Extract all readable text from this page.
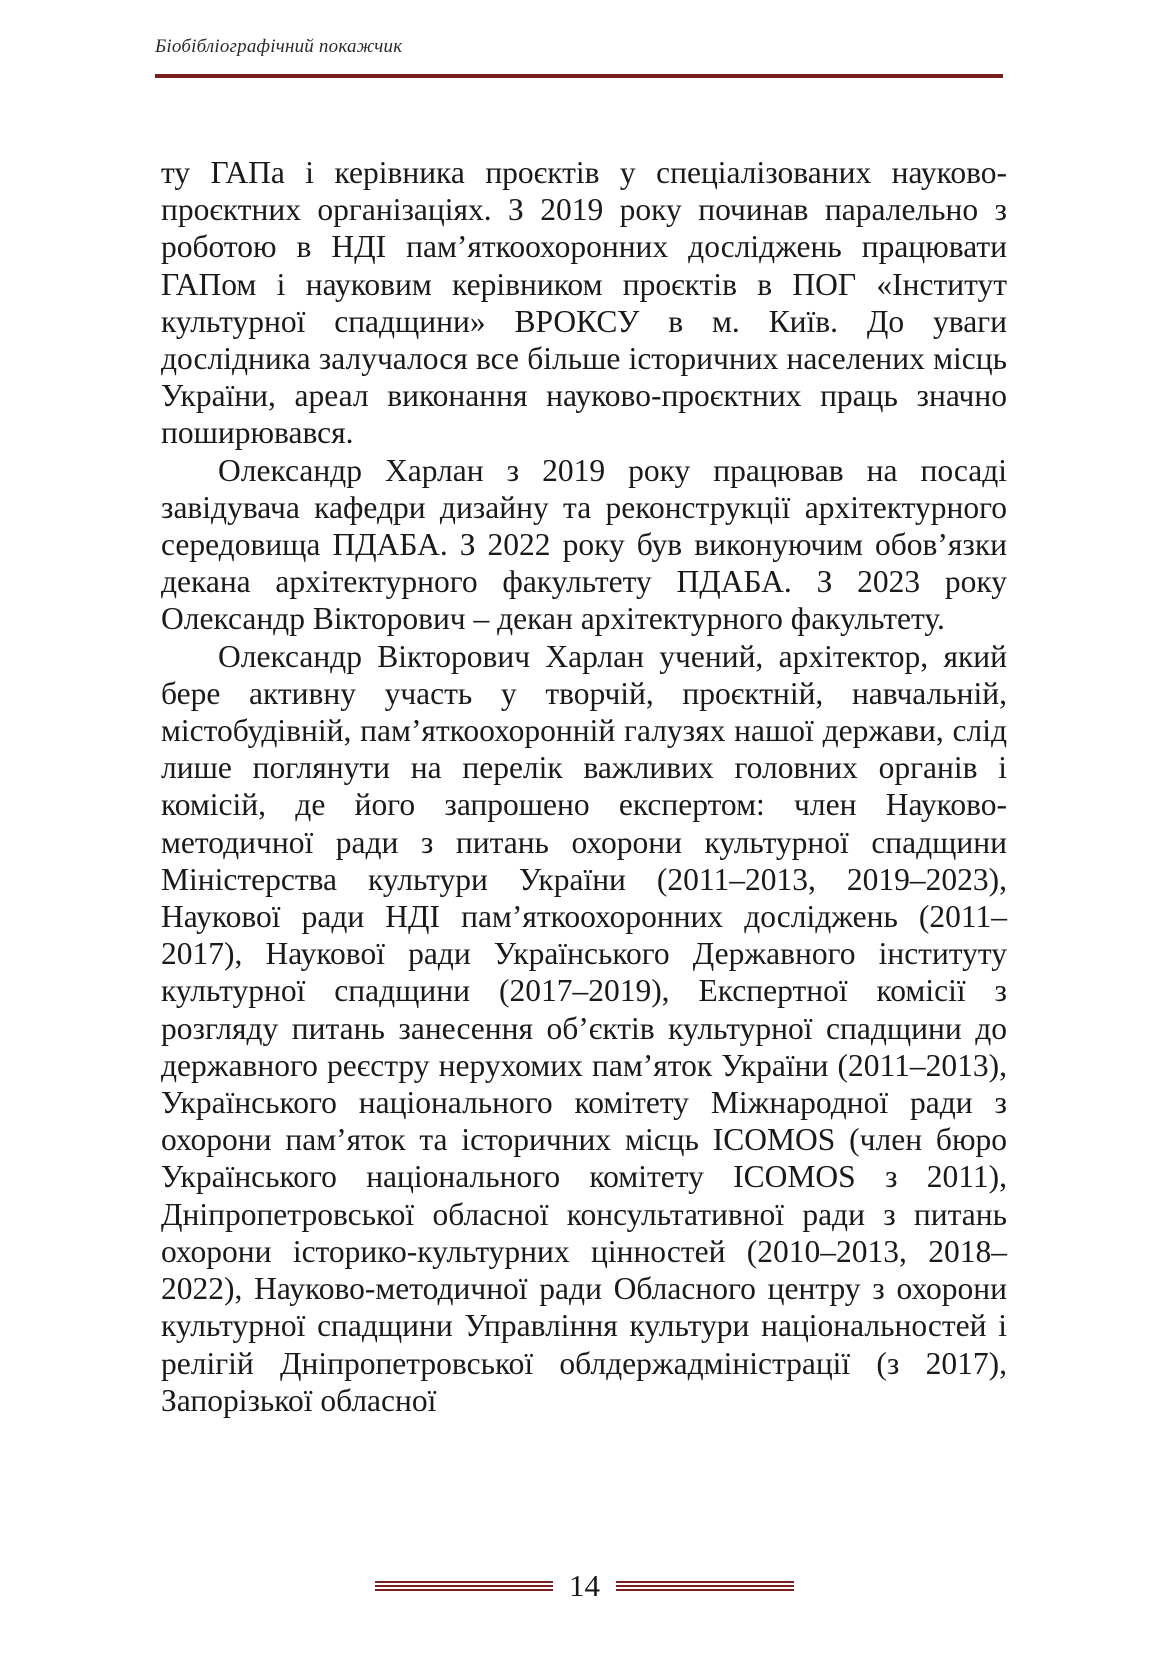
Біобібліографічний покажчик

ту ГАПа і керівника проєктів у спеціалізованих науково-проєктних організаціях. З 2019 року починав паралельно з роботою в НДІ пам’яткоохоронних досліджень працювати ГАПом і науковим керівником проєктів в ПОГ «Інститут культурної спадщини» ВРОКСУ в м. Київ. До уваги дослідника залучалося все більше історичних населених місць України, ареал виконання науково-проєктних праць значно поширювався.

Олександр Харлан з 2019 року працював на посаді завідувача кафедри дизайну та реконструкції архітектурного середовища ПДАБА. З 2022 року був виконуючим обов’язки декана архітектурного факультету ПДАБА. З 2023 року Олександр Вікторович – декан архітектурного факультету.

Олександр Вікторович Харлан учений, архітектор, який бере активну участь у творчій, проєктній, навчальній, містобудівній, пам’яткоохоронній галузях нашої держави, слід лише поглянути на перелік важливих головних органів і комісій, де його запрошено експертом: член Науково-методичної ради з питань охорони культурної спадщини Міністерства культури України (2011–2013, 2019–2023), Наукової ради НДІ пам’яткоохоронних досліджень (2011–2017), Наукової ради Українського Державного інституту культурної спадщини (2017–2019), Експертної комісії з розгляду питань занесення об’єктів культурної спадщини до державного реєстру нерухомих пам’яток України (2011–2013), Українського національного комітету Міжнародної ради з охорони пам’яток та історичних місць ICOMOS (член бюро Українського національного комітету ICOMOS з 2011), Дніпропетровської обласної консультативної ради з питань охорони історико-культурних цінностей (2010–2013, 2018–2022), Науково-методичної ради Обласного центру з охорони культурної спадщини Управління культури національностей і релігій Дніпропетровської облдержадміністрації (з 2017), Запорізької обласної

14
